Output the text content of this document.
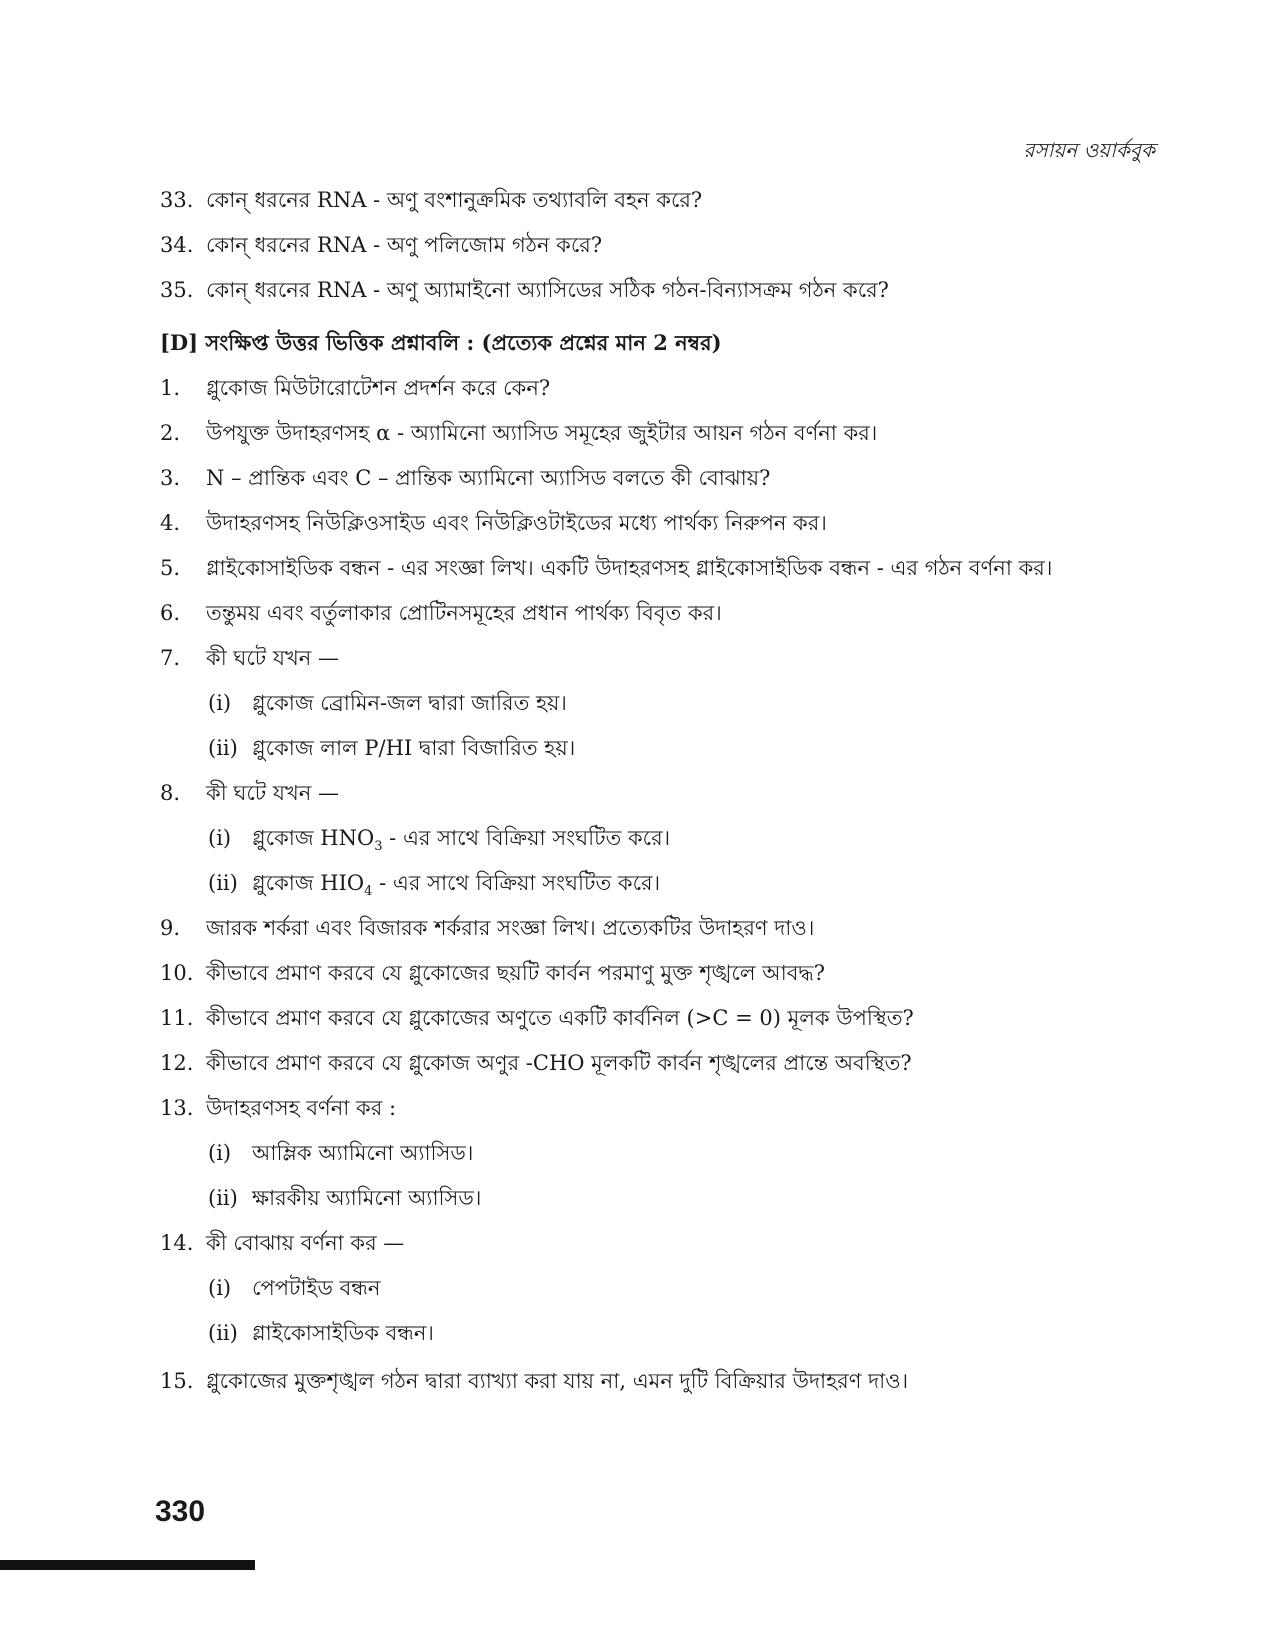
রসায়ন ওয়ার্কবুক
33. কোন্ ধরনের RNA - অণু বংশানুক্রমিক তথ্যাবলি বহন করে?
34. কোন্ ধরনের RNA - অণু পলিজোম গঠন করে?
35. কোন্ ধরনের RNA - অণু অ্যামাইনো অ্যাসিডের সঠিক গঠন-বিন্যাসক্রম গঠন করে?
[D] সংক্ষিপ্ত উত্তর ভিত্তিক প্রশ্নাবলি : (প্রত্যেক প্রশ্নের মান 2 নম্বর)
1. গ্লুকোজ মিউটারোটেশন প্রদর্শন করে কেন?
2. উপযুক্ত উদাহরণসহ α - অ্যামিনো অ্যাসিড সমূহের জুইটার আয়ন গঠন বর্ণনা কর।
3. N – প্রান্তিক এবং C – প্রান্তিক অ্যামিনো অ্যাসিড বলতে কী বোঝায়?
4. উদাহরণসহ নিউক্লিওসাইড এবং নিউক্লিওটাইডের মধ্যে পার্থক্য নিরুপন কর।
5. গ্লাইকোসাইডিক বন্ধন - এর সংজ্ঞা লিখ। একটি উদাহরণসহ গ্লাইকোসাইডিক বন্ধন - এর গঠন বর্ণনা কর।
6. তন্তুময় এবং বর্তুলাকার প্রোটিনসমূহের প্রধান পার্থক্য বিবৃত কর।
7. কী ঘটে যখন —
(i) গ্লুকোজ ব্রোমিন-জল দ্বারা জারিত হয়।
(ii) গ্লুকোজ লাল P/HI দ্বারা বিজারিত হয়।
8. কী ঘটে যখন —
(i) গ্লুকোজ $HNO_3$ - এর সাথে বিক্রিয়া সংঘটিত করে।
(ii) গ্লুকোজ $HIO_4$ - এর সাথে বিক্রিয়া সংঘটিত করে।
9. জারক শর্করা এবং বিজারক শর্করার সংজ্ঞা লিখ। প্রত্যেকটির উদাহরণ দাও।
10. কীভাবে প্রমাণ করবে যে গ্লুকোজের ছয়টি কার্বন পরমাণু মুক্ত শৃঙ্খলে আবদ্ধ?
11. কীভাবে প্রমাণ করবে যে গ্লুকোজের অণুতে একটি কার্বনিল (>C = 0) মূলক উপস্থিত?
12. কীভাবে প্রমাণ করবে যে গ্লুকোজ অণুর -CHO মূলকটি কার্বন শৃঙ্খলের প্রান্তে অবস্থিত?
13. উদাহরণসহ বর্ণনা কর :
(i) আম্লিক অ্যামিনো অ্যাসিড।
(ii) ক্ষারকীয় অ্যামিনো অ্যাসিড।
14. কী বোঝায় বর্ণনা কর —
(i) পেপটাইড বন্ধন
(ii) গ্লাইকোসাইডিক বন্ধন।
15. গ্লুকোজের মুক্তশৃঙ্খল গঠন দ্বারা ব্যাখ্যা করা যায় না, এমন দুটি বিক্রিয়ার উদাহরণ দাও।
330
